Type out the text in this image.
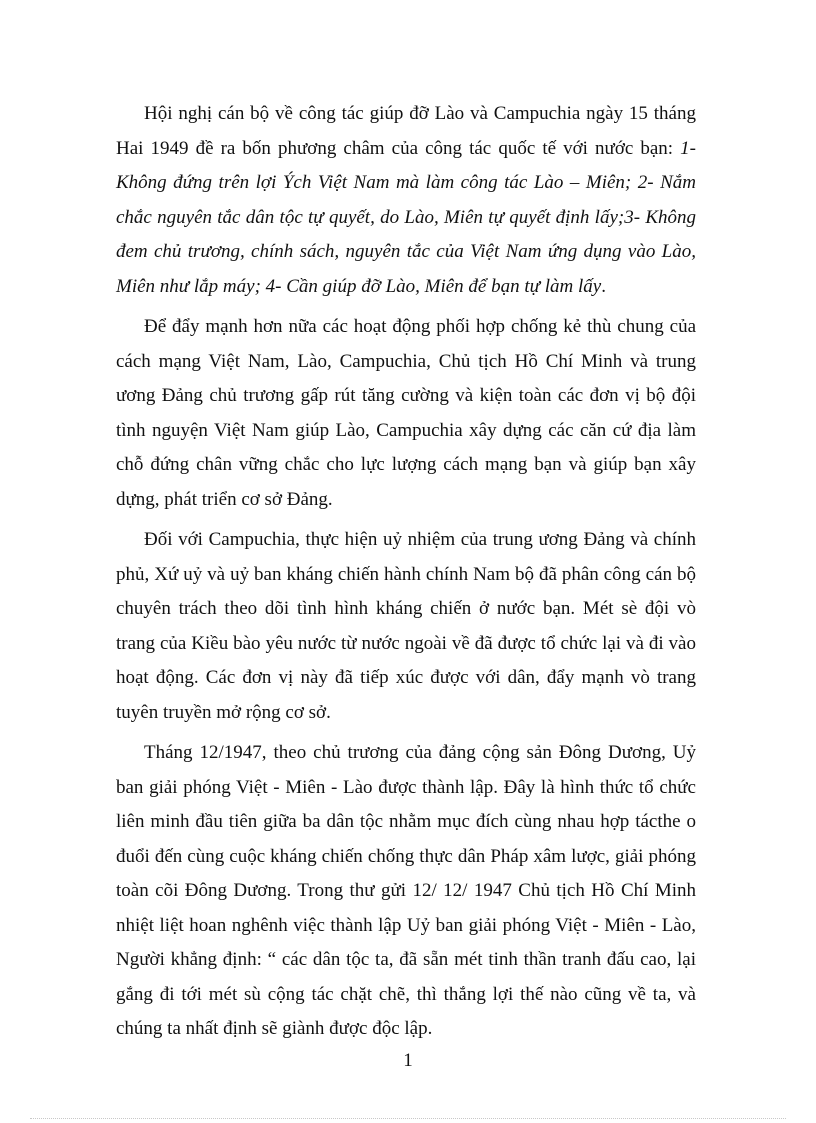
Hội nghị cán bộ về công tác giúp đỡ Lào và Campuchia ngày 15 tháng Hai 1949 đề ra bốn phương châm của công tác quốc tế với nước bạn: 1- Không đứng trên lợi Ých Việt Nam mà làm công tác Lào – Miên; 2- Nắm chắc nguyên tắc dân tộc tự quyết, do Lào, Miên tự quyết định lấy;3- Không đem chủ trương, chính sách, nguyên tắc của Việt Nam ứng dụng vào Lào, Miên như lắp máy; 4- Cần giúp đỡ Lào, Miên để bạn tự làm lấy.

Để đẩy mạnh hơn nữa các hoạt động phối hợp chống kẻ thù chung của cách mạng Việt Nam, Lào, Campuchia, Chủ tịch Hồ Chí Minh và trung ương Đảng chủ trương gấp rút tăng cường và kiện toàn các đơn vị bộ đội tình nguyện Việt Nam giúp Lào, Campuchia xây dựng các căn cứ địa làm chỗ đứng chân vững chắc cho lực lượng cách mạng bạn và giúp bạn xây dựng, phát triển cơ sở Đảng.

Đối với Campuchia, thực hiện uỷ nhiệm của trung ương Đảng và chính phủ, Xứ uỷ và uỷ ban kháng chiến hành chính Nam bộ đã phân công cán bộ chuyên trách theo dõi tình hình kháng chiến ở nước bạn. Mét sè đội vò trang của Kiều bào yêu nước từ nước ngoài về đã được tổ chức lại và đi vào hoạt động. Các đơn vị này đã tiếp xúc được với dân, đẩy mạnh vò trang tuyên truyền mở rộng cơ sở.

Tháng 12/1947, theo chủ trương của đảng cộng sản Đông Dương, Uỷ ban giải phóng Việt - Miên - Lào được thành lập. Đây là hình thức tổ chức liên minh đầu tiên giữa ba dân tộc nhằm mục đích cùng nhau hợp tácthe o đuổi đến cùng cuộc kháng chiến chống thực dân Pháp xâm lược, giải phóng toàn cõi Đông Dương. Trong thư gửi 12/ 12/ 1947 Chủ tịch Hồ Chí Minh nhiệt liệt hoan nghênh việc thành lập Uỷ ban giải phóng Việt - Miên - Lào, Người khẳng định: “ các dân tộc ta, đã sẵn mét tinh thần tranh đấu cao, lại gắng đi tới mét sù cộng tác chặt chẽ, thì thắng lợi thế nào cũng về ta, và chúng ta nhất định sẽ giành được độc lập.

1
